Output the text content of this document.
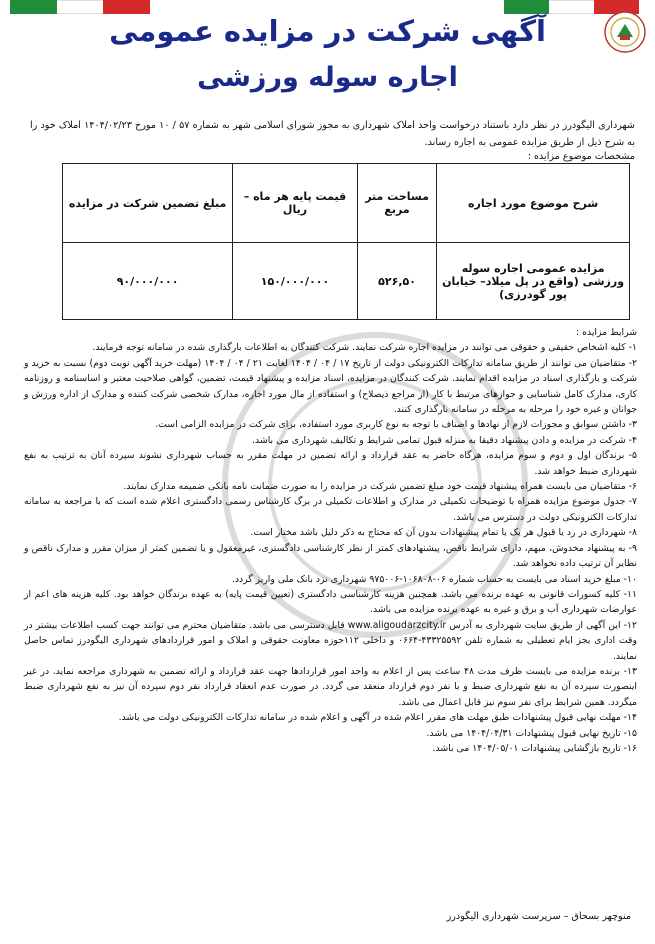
آگهی شرکت در مزایده عمومی
اجاره سوله ورزشی
شهرداری الیگودرز در نظر دارد باستناد درخواست واحد املاک شهرداری به مجوز شورای اسلامی شهر به شماره ۵۷ / ۱۰ مورخ ۱۴۰۴/۰۲/۲۳ املاک خود را به شرح ذیل از طریق مزایده عمومی به اجاره رساند.
مشخصات موضوع مزایده :
شرح موضوع مورد اجاره	مساحت متر مربع	قیمت پایه هر ماه – ریال	مبلغ تضمین شرکت در مزایده
مزایده عمومی اجاره سوله ورزشی (واقع در پل میلاد– خیابان پور گودرزی)	۵۲۶,۵۰	۱۵۰/۰۰۰/۰۰۰	۹۰/۰۰۰/۰۰۰

شرایط مزایده :

۱- کلیه اشخاص حقیقی و حقوقی می توانند در مزایده اجاره شرکت نمایند. شرکت کنندگان به اطلاعات بارگذاری شده در سامانه توجه فرمایند.

۲- متقاضیان می توانند از طریق سامانه تدارکات الکترونیکی دولت از تاریخ ۱۷ / ۰۴ / ۱۴۰۴ لغایت ۲۱ / ۰۴ / ۱۴۰۴ (مهلت خرید آگهی نوبت دوم) نسبت به خرید و شرکت و بارگذاری اسناد در مزایده اقدام نمایند. شرکت کنندگان در مزایده، اسناد مزایده و پیشنهاد قیمت، تضمین، گواهی صلاحیت معتبر و اساسنامه و روزنامه کاری، مدارک کامل شناسایی و جوازهای مرتبط با کار (از مراجع ذیصلاح) و استفاده از مال مورد اجاره، مدارک شخصی شرکت کننده و مدارک از اداره ورزش و جوانان و غیره خود را مرحله به مرحله در سامانه بارگذاری کنند.

۳- داشتن سوابق و مجوزات لازم از نهادها و اصناف با توجه به نوع کاربری مورد استفاده، برای شرکت در مزایده الزامی است.

۴- شرکت در مزایده و دادن پیشنهاد دقیقا به منزله قبول تمامی شرایط و تکالیف شهرداری می باشد.

۵- برندگان اول و دوم و سوم مزایده، هرگاه حاضر به عقد قرارداد و ارائه تضمین در مهلت مقرر به حساب شهرداری نشوند سپرده آنان به ترتیب به نفع شهرداری ضبط خواهد شد.

۶- متقاضیان می بایست همراه پیشنهاد قیمت خود مبلغ تضمین شرکت در مزایده را به صورت ضمانت نامه بانکی ضمیمه مدارک نمایند.

۷- جدول موضوع مزایده همراه با توضیحات تکمیلی در مدارک و اطلاعات تکمیلی در برگ کارشناس رسمی دادگستری اعلام شده است که با مراجعه به سامانه تدارکات الکترونیکی دولت در دسترس می باشد.

۸- شهرداری در رد یا قبول هر یک یا تمام پیشنهادات بدون آن که محتاج به ذکر دلیل باشد مختار است.

۹- به پیشنهاد مخدوش، مبهم، دارای شرایط ناقص، پیشنهادهای کمتر از نظر کارشناسی دادگستری، غیرمعقول و یا تضمین کمتر از میزان مقرر و مدارک ناقص و نظایر آن ترتیب داده نخواهد شد.

۱۰- مبلغ خرید اسناد می بایست به حساب شماره ۰۶-۱۰۶۸۰۸-۹۷۵۰۰۶ شهرداری نزد بانک ملی واریز گردد.

۱۱- کلیه کسورات قانونی به عهده برنده می باشد. همچنین هزینه کارشناسی دادگستری (تعیین قیمت پایه) به عهده برندگان خواهد بود. کلیه هزینه های اعم از عوارضات شهرداری آب و برق و غیره به عهده برنده مزایده می باشد.

۱۲- این آگهی از طریق سایت شهرداری به آدرس www.aligoudarzcity.ir قابل دسترسی می باشد. متقاضیان محترم می توانند جهت کسب اطلاعات بیشتر در وقت اداری بجز ایام تعطیلی به شماره تلفن ۴۳۳۲۵۵۹۲-۰۶۶۴ و داخلی ۱۱۲حوزه معاونت حقوقی و املاک و امور قراردادهای شهرداری الیگودرز تماس حاصل نمایند.

۱۳- برنده مزایده می بایست ظرف مدت ۴۸ ساعت پس از اعلام به واحد امور قراردادها جهت عقد قرارداد و ارائه تضمین به شهرداری مراجعه نماید. در غیر اینصورت سپرده آن به نفع شهرداری ضبط و با نفر دوم قرارداد منعقد می گردد. در صورت عدم انعقاد قرارداد نفر دوم سپرده آن نیز به نفع شهرداری ضبط میگردد. همین شرایط برای نفر سوم نیز قابل اعمال می باشد.

۱۴- مهلت نهایی قبول پیشنهادات طبق مهلت های مقرر اعلام شده در آگهی و اعلام شده در سامانه تدارکات الکترونیکی دولت می باشد.

۱۵- تاریخ نهایی قبول پیشنهادات ۱۴۰۴/۰۴/۳۱ می باشد.

۱۶- تاریخ بازگشایی پیشنهادات ۱۴۰۴/۰۵/۰۱ می باشد.

منوچهر بسحاق – سرپرست شهرداری الیگودرز
